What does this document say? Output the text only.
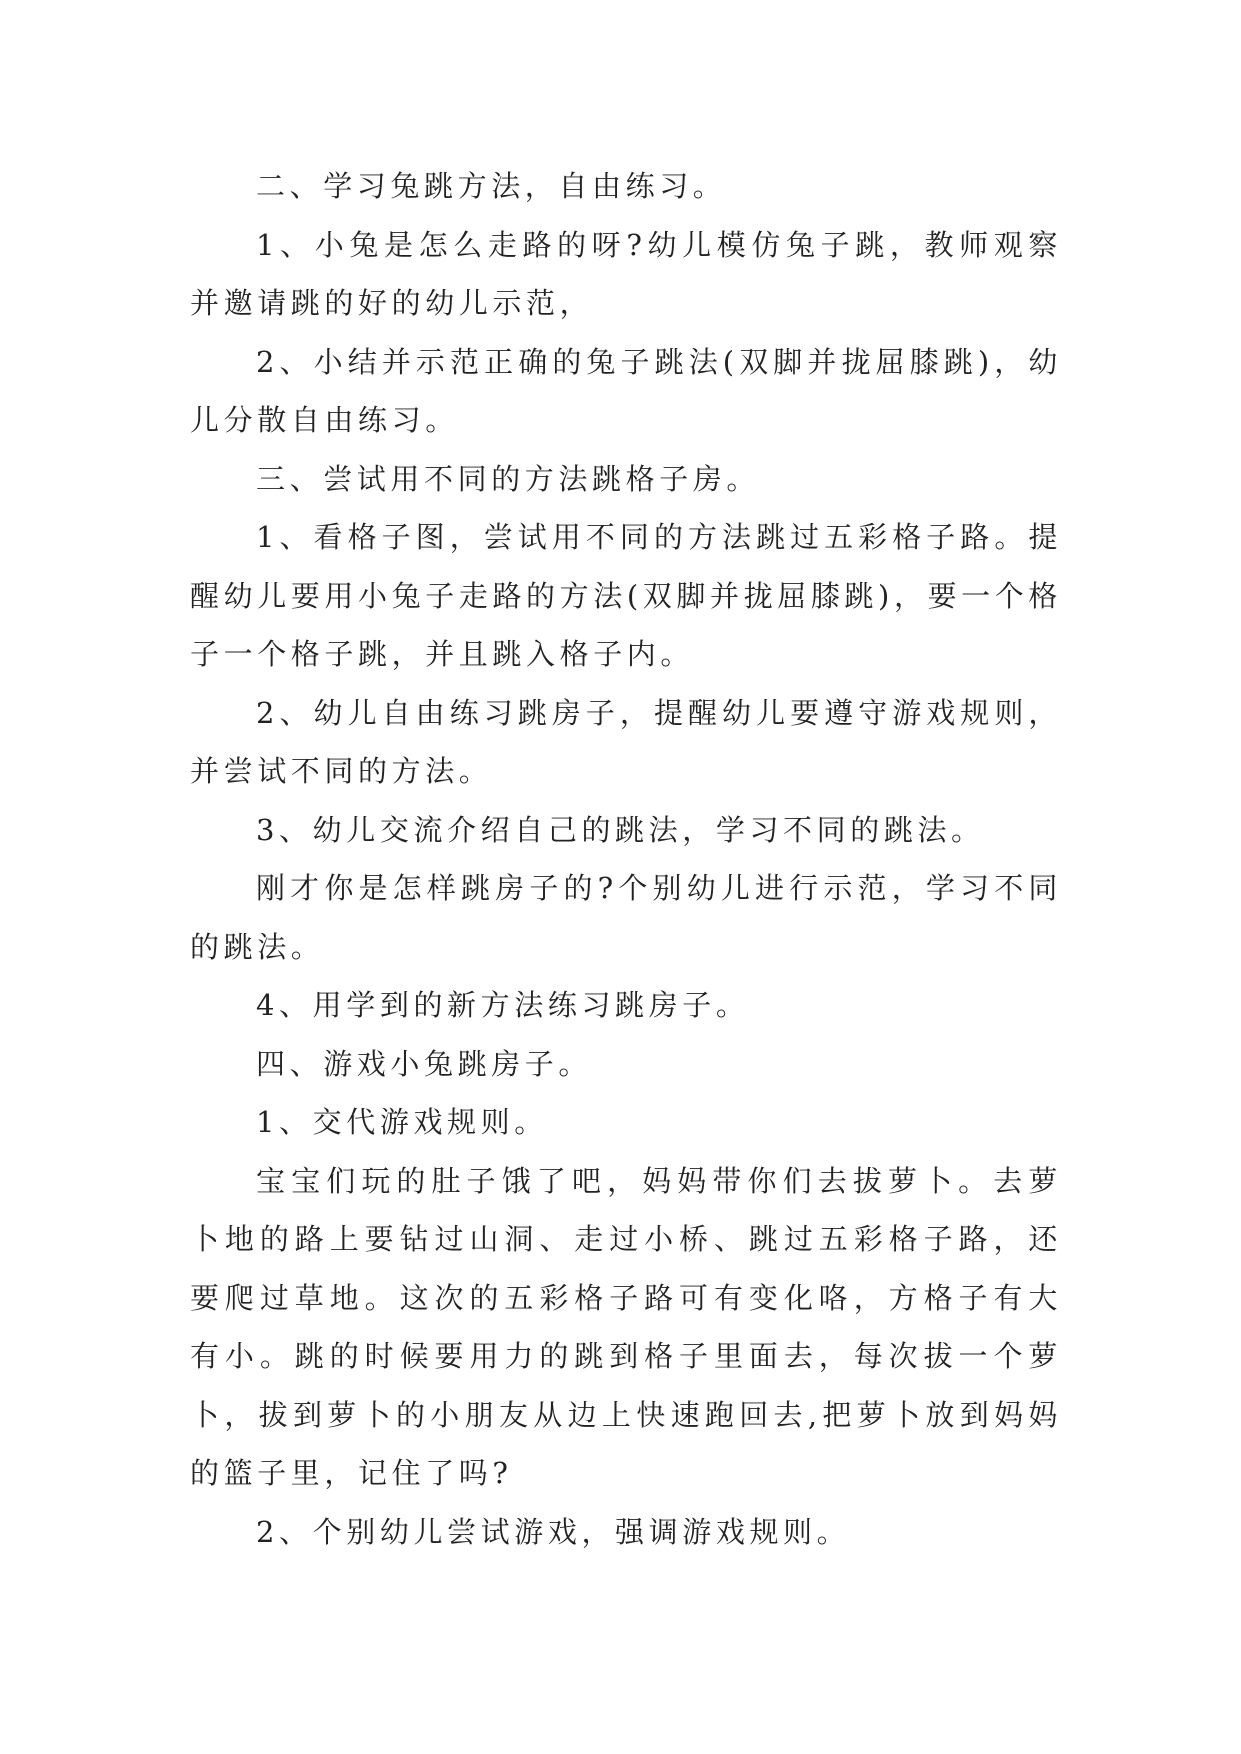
二、学习兔跳方法，自由练习。

1、小兔是怎么走路的呀?幼儿模仿兔子跳，教师观察并邀请跳的好的幼儿示范，

2、小结并示范正确的兔子跳法(双脚并拢屈膝跳)，幼儿分散自由练习。

三、尝试用不同的方法跳格子房。

1、看格子图，尝试用不同的方法跳过五彩格子路。提醒幼儿要用小兔子走路的方法(双脚并拢屈膝跳)，要一个格子一个格子跳，并且跳入格子内。

2、幼儿自由练习跳房子，提醒幼儿要遵守游戏规则，并尝试不同的方法。

3、幼儿交流介绍自己的跳法，学习不同的跳法。

刚才你是怎样跳房子的?个别幼儿进行示范，学习不同的跳法。

4、用学到的新方法练习跳房子。

四、游戏小兔跳房子。

1、交代游戏规则。

宝宝们玩的肚子饿了吧，妈妈带你们去拔萝卜。去萝卜地的路上要钻过山洞、走过小桥、跳过五彩格子路，还要爬过草地。这次的五彩格子路可有变化咯，方格子有大有小。跳的时候要用力的跳到格子里面去，每次拔一个萝卜，拔到萝卜的小朋友从边上快速跑回去,把萝卜放到妈妈的篮子里，记住了吗?

2、个别幼儿尝试游戏，强调游戏规则。
